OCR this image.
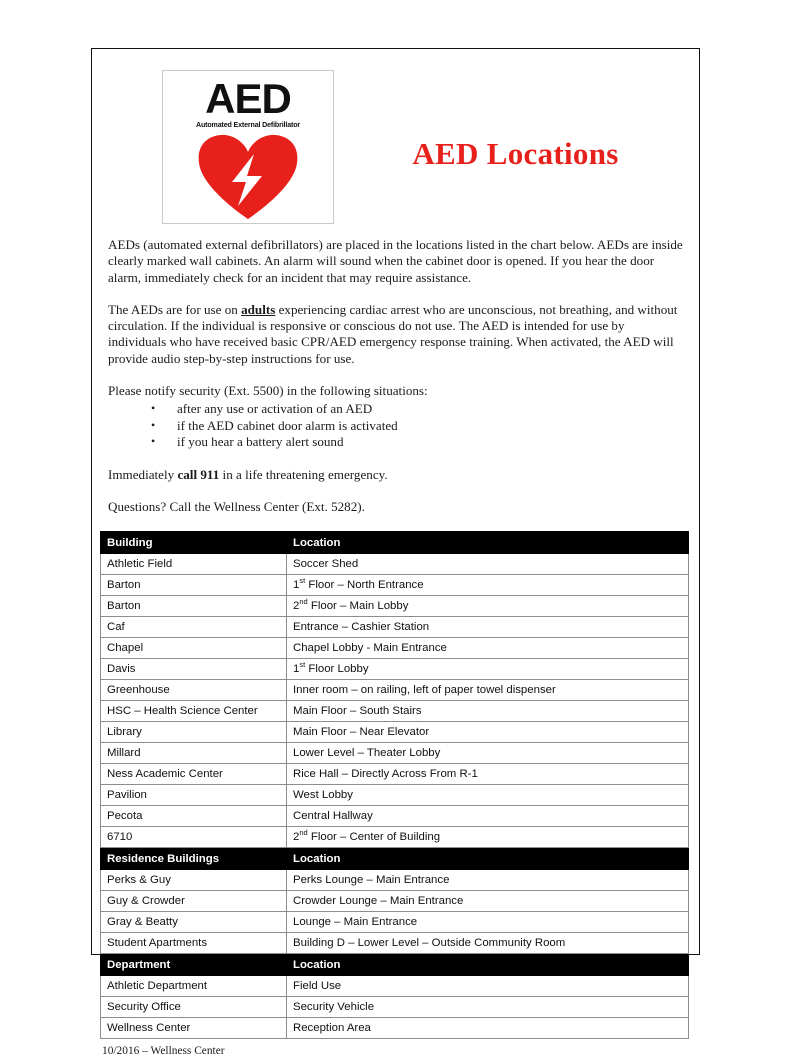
AED
Automated External Defibrillator
AED Locations

AEDs (automated external defibrillators) are placed in the locations listed in the chart below. AEDs are inside clearly marked wall cabinets. An alarm will sound when the cabinet door is opened. If you hear the door alarm, immediately check for an incident that may require assistance.

The AEDs are for use on adults experiencing cardiac arrest who are unconscious, not breathing, and without circulation. If the individual is responsive or conscious do not use. The AED is intended for use by individuals who have received basic CPR/AED emergency response training. When activated, the AED will provide audio step-by-step instructions for use.

Please notify security (Ext. 5500) in the following situations:

• after any use or activation of an AED
• if the AED cabinet door alarm is activated
• if you hear a battery alert sound

Immediately call 911 in a life threatening emergency.

Questions? Call the Wellness Center (Ext. 5282).

Building	Location
Athletic Field	Soccer Shed
Barton	1st Floor – North Entrance
Barton	2nd Floor – Main Lobby
Caf	Entrance – Cashier Station
Chapel	Chapel Lobby - Main Entrance
Davis	1st Floor Lobby
Greenhouse	Inner room – on railing, left of paper towel dispenser
HSC – Health Science Center	Main Floor – South Stairs
Library	Main Floor – Near Elevator
Millard	Lower Level – Theater Lobby
Ness Academic Center	Rice Hall – Directly Across From R-1
Pavilion	West Lobby
Pecota	Central Hallway
6710	2nd Floor – Center of Building
Residence Buildings	Location
Perks & Guy	Perks Lounge – Main Entrance
Guy & Crowder	Crowder Lounge – Main Entrance
Gray & Beatty	Lounge – Main Entrance
Student Apartments	Building D – Lower Level – Outside Community Room
Department	Location
Athletic Department	Field Use
Security Office	Security Vehicle
Wellness Center	Reception Area
10/2016 – Wellness Center
